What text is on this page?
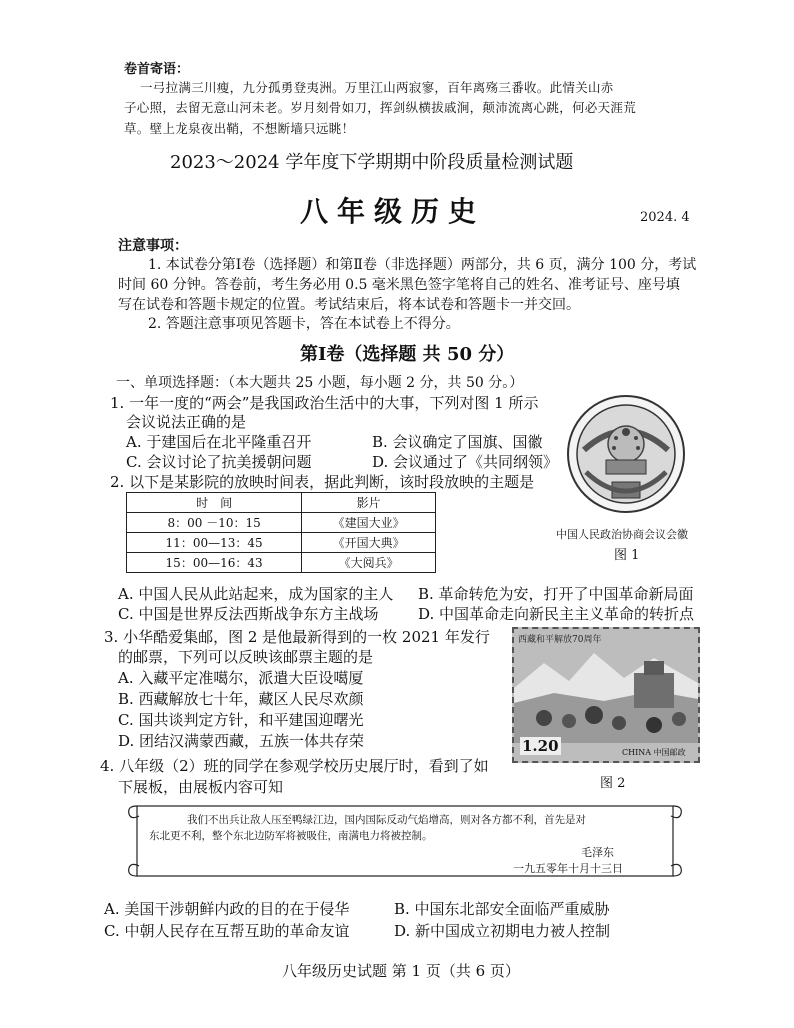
卷首寄语：
一弓拉满三川瘦，九分孤勇登夷洲。万里江山两寂寥，百年离殇三番收。此情关山赤
子心照，去留无意山河未老。岁月刻骨如刀，挥剑纵横拔戚涧，颠沛流离心跳，何必天涯荒
草。壁上龙泉夜出鞘，不想断墙只远眺！
2023～2024 学年度下学期期中阶段质量检测试题
八年级历史	2024. 4
注意事项：
1. 本试卷分第Ⅰ卷（选择题）和第Ⅱ卷（非选择题）两部分，共 6 页，满分 100 分，考试
时间 60 分钟。答卷前，考生务必用 0.5 毫米黑色签字笔将自己的姓名、准考证号、座号填
写在试卷和答题卡规定的位置。考试结束后，将本试卷和答题卡一并交回。
2. 答题注意事项见答题卡，答在本试卷上不得分。
第Ⅰ卷（选择题 共 50 分）
一、单项选择题：（本大题共 25 小题，每小题 2 分，共 50 分。）
1. 一年一度的“两会”是我国政治生活中的大事，下列对图 1 所示
会议说法正确的是
A. 于建国后在北平隆重召开	B. 会议确定了国旗、国徽
C. 会议讨论了抗美援朝问题	D. 会议通过了《共同纲领》
中国人民政治协商会议会徽
图 1
2. 以下是某影院的放映时间表，据此判断，该时段放映的主题是
时　间	影片
8：00 －10：15	《建国大业》
11：00—13：45	《开国大典》
15：00—16：43	《大阅兵》
A. 中国人民从此站起来，成为国家的主人 B. 革命转危为安，打开了中国革命新局面
C. 中国是世界反法西斯战争东方主战场	D. 中国革命走向新民主主义革命的转折点
3. 小华酷爱集邮，图 2 是他最新得到的一枚 2021 年发行
的邮票，下列可以反映该邮票主题的是
A. 入藏平定准噶尔，派遣大臣设噶厦
B. 西藏解放七十年，藏区人民尽欢颜
C. 国共谈判定方针，和平建国迎曙光
D. 团结汉满蒙西藏，五族一体共存荣
西藏和平解放70周年
1.20	CHINA 中国邮政
图 2
4. 八年级（2）班的同学在参观学校历史展厅时，看到了如
下展板，由展板内容可知
我们不出兵让敌人压至鸭绿江边，国内国际反动气焰增高，则对各方都不利，首先是对
东北更不利，整个东北边防军将被吸住，南满电力将被控制。
毛泽东
一九五零年十月十三日
A. 美国干涉朝鲜内政的目的在于侵华	B. 中国东北部安全面临严重威胁
C. 中朝人民存在互帮互助的革命友谊	D. 新中国成立初期电力被人控制
八年级历史试题 第 1 页（共 6 页）
